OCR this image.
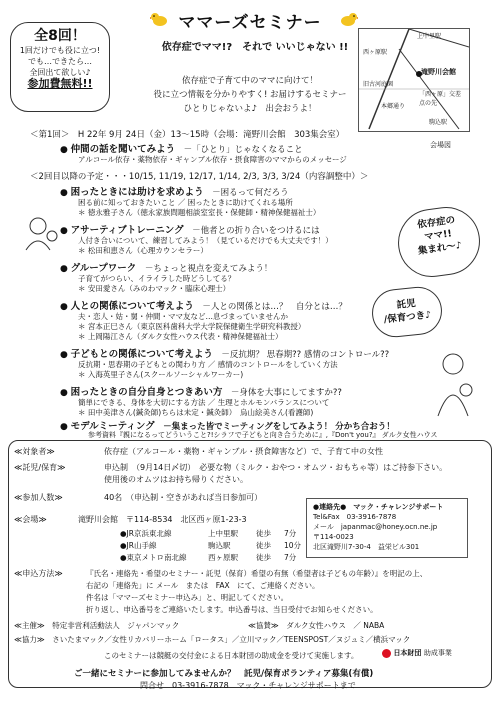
ママーズセミナー
依存症でママ!?　それで いいじゃない !!
依存症で子育て中のママに向けて！
役に立つ情報を分かりやすく! お届けするセミナー
ひとりじゃないよ♪　出会おうよ！
全8回！
1回だけでも役に立つ!
でも…できたら…
全回出て欲しい♪
参加費無料!!
上中里駅
西ヶ原駅
滝野川会館
旧古河庭園
本郷通り
「西ヶ原」交差点の先
駒込駅
会場図
＜第1回＞　H 22年 9月 24日（金）13～15時（会場：滝野川会館　303集会室）
● 仲間の話を聞いてみよう　 －「ひとり」じゃなくなること
アルコール依存・薬物依存・ギャンブル依存・摂食障害のママからのメッセージ
＜2回目以降の予定・・・10/15, 11/19, 12/17, 1/14, 2/3, 3/3, 3/24（内容調整中）＞
● 困ったときには助けを求めよう　 －困るって何だろう
困る前に知っておきたいこと ／ 困ったときに助けてくれる場所
＊ 徳永雅子さん（徳永家族問題相談室室長・保健師・精神保健福祉士）
● アサーティブトレーニング　 －他者との折り合いをつけるには
人付き合いについて、練習してみよう！（見ているだけでも大丈夫です！）
＊ 松田和恵さん（心理カウンセラー）
● グループワーク　 －ちょっと視点を変えてみよう！
子育てがつらい、イライラした時どうしてる？
＊ 安田愛さん（みのわマック・臨床心理士）
● 人との関係について考えよう　 －人との関係とは…？　自分とは…？
夫・恋人・姑・舅・仲間・ママ友など…息づまっていませんか
＊ 宮本正巳さん（東京医科歯科大学大学院保健衛生学研究科教授）
＊ 上岡陽江さん（ダルク女性ハウス代表・精神保健福祉士）
● 子どもとの関係について考えよう　 －反抗期？ 思春期?? 感情のコントロール??
反抗期・思春期の子どもとの関わり方 ／ 感情のコントロールをしていく方法
＊ 入海英里子さん(スクールソーシャルワーカー)
● 困ったときの自分自身とつきあい方　 －身体を大事にしてますか??
簡単にできる、身体を大切にする方法 ／ 生理とホルモンバランスについて
＊ 田中美津さん(鍼灸師)ちらは未定・鍼灸師）　烏山絵美さん(看護師)
● モデルミーティング　 －集まった皆でミーティングをしてみよう！ 分かち合おう！
参考資料『親になるってどういうこと?!シラフで子どもと向き合うために』,『Don't you?』 ダルク女性ハウス
依存症の
ママ!!
集まれ～♪
託児
/保育つき♪
≪対象者≫	依存症（アルコール・薬物・ギャンブル・摂食障害など）で、子育て中の女性
≪託児/保育≫	申込制　（9月14日〆切）　必要な物（ミルク・おやつ・オムツ・おもちゃ等）はご持参下さい。
使用後のオムツはお持ち帰りください。
≪参加人数≫	40名　（申込制・空きがあれば当日参加可）
≪会場≫	滝野川会館　〒114-8534　北区西ヶ原1-23-3
●JR京浜東北線	上中里駅 徒歩 7分
●JR山手線	駒込駅	徒歩 10分
●東京メトロ南北線	西ヶ原駅 徒歩 7分
●連絡先●　マック・チャレンジサポート
Tel&Fax　03-3916-7878
メール　japanmac@honey.ocn.ne.jp
〒114-0023
北区滝野川7-30-4　益栄ビル301
≪申込方法≫	『氏名・連絡先・希望のセミナー・託児（保育）希望の有無（希望者は子どもの年齢）』を明記の上、
右記の「連絡先」に メール　または　FAX　にて、ご連絡ください。
件名は「ママーズセミナー申込み」と、明記してください。
折り返し、申込番号をご連絡いたします。申込番号は、当日受付でお知らせください。
≪主催≫　特定非営利活動法人　ジャパンマック	≪協賛≫　ダルク女性ハウス　／ NABA
≪協力≫　さいたまマック／女性リカバリーホーム「ロータス」／立川マック／TEENSPOST／ヌジュミ／横浜マック
このセミナーは競艇の交付金による日本財団の助成金を受けて実施します。	日本財団 助成事業
ご一緒にセミナーに参加してみませんか？　託児/保育ボランティア募集(有償)
問合せ　03-3916-7878　マック・チャレンジサポートまで
